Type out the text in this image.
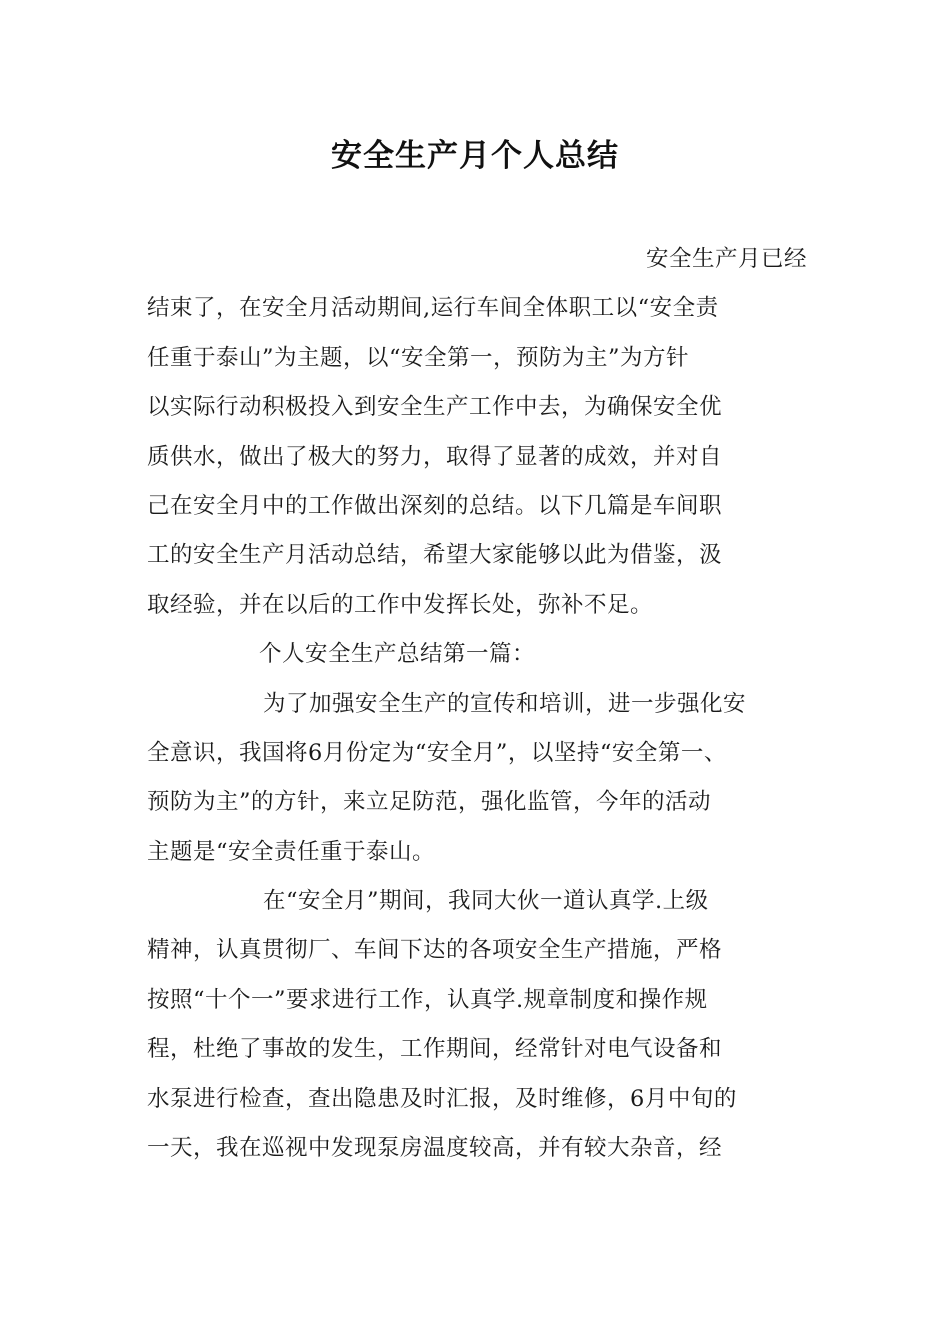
安全生产月个人总结
安全生产月已经
结束了，在安全月活动期间,运行车间全体职工以“安全责
任重于泰山”为主题，以“安全第一，预防为主”为方针
以实际行动积极投入到安全生产工作中去，为确保安全优
质供水，做出了极大的努力，取得了显著的成效，并对自
己在安全月中的工作做出深刻的总结。以下几篇是车间职
工的安全生产月活动总结，希望大家能够以此为借鉴，汲
取经验，并在以后的工作中发挥长处，弥补不足。
个人安全生产总结第一篇：
为了加强安全生产的宣传和培训，进一步强化安
全意识，我国将6月份定为“安全月”，以坚持“安全第一、
预防为主”的方针，来立足防范，强化监管，今年的活动
主题是“安全责任重于泰山。
在“安全月”期间，我同大伙一道认真学.上级
精神，认真贯彻厂、车间下达的各项安全生产措施，严格
按照“十个一”要求进行工作，认真学.规章制度和操作规
程，杜绝了事故的发生，工作期间，经常针对电气设备和
水泵进行检查，查出隐患及时汇报，及时维修，6月中旬的
一天，我在巡视中发现泵房温度较高，并有较大杂音，经
